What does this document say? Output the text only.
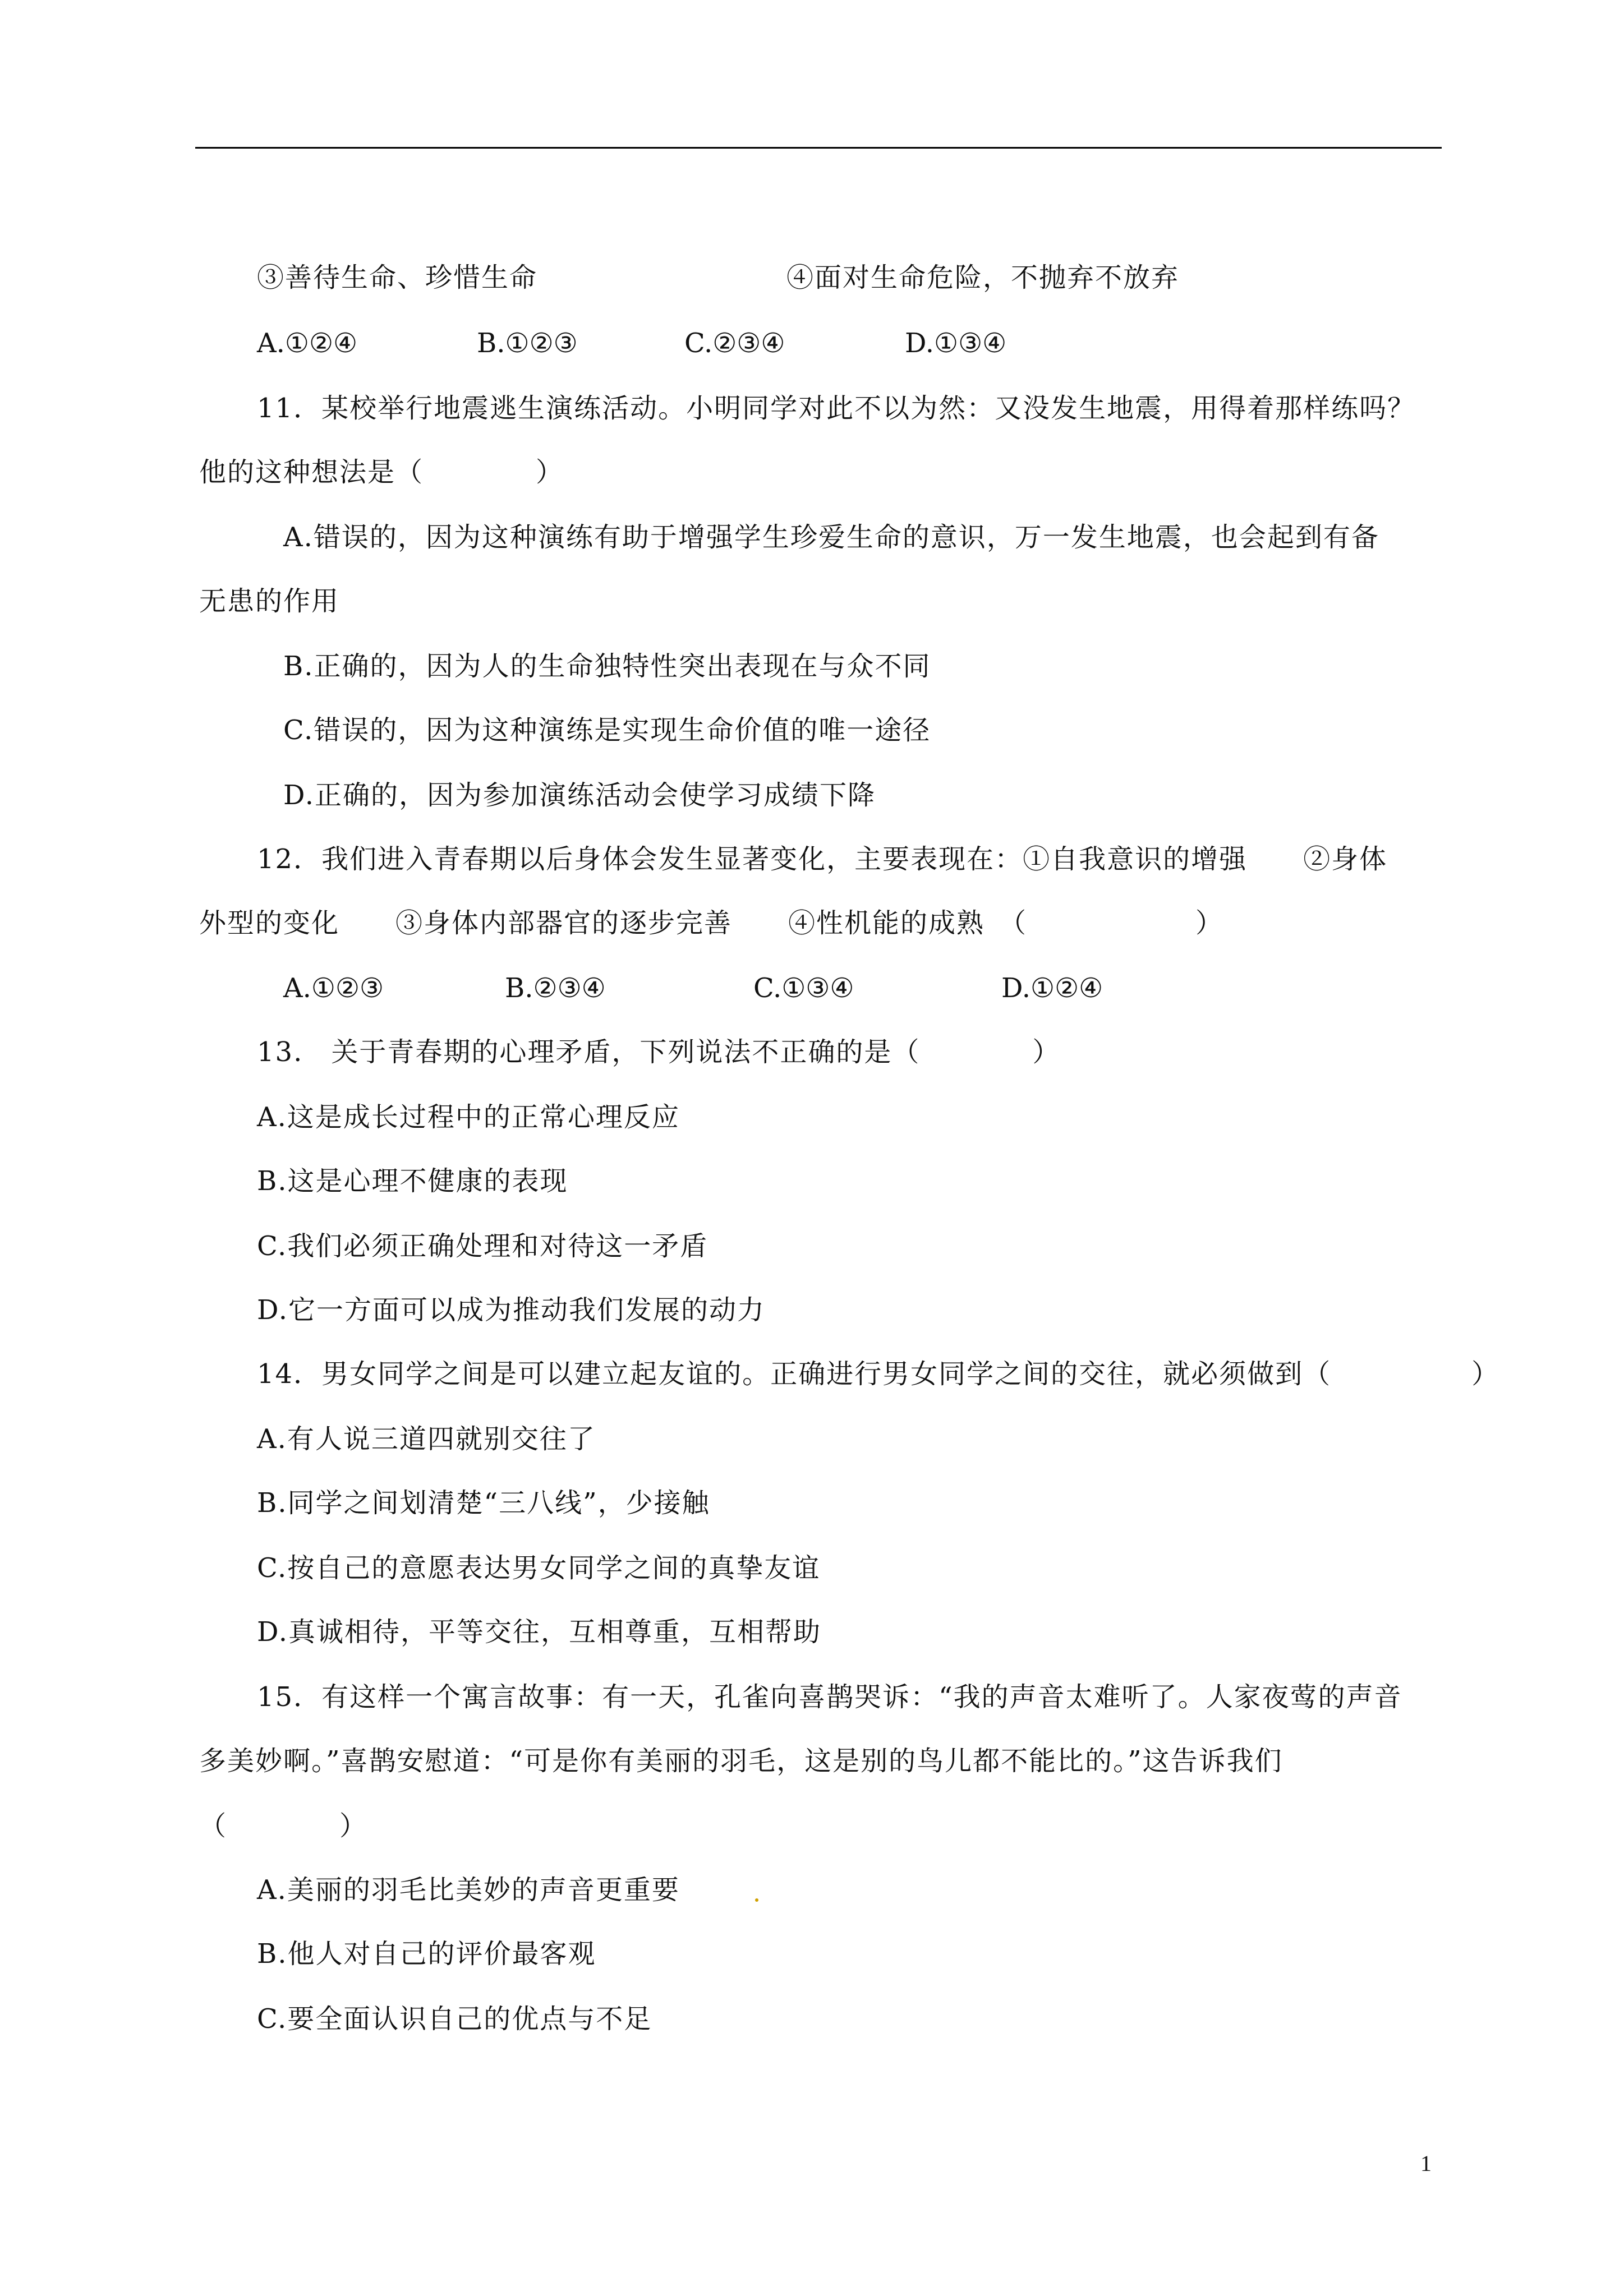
③善待生命、珍惜生命	④面对生命危险，不抛弃不放弃
A.①②④	B.①②③	C.②③④	D.①③④
11．某校举行地震逃生演练活动。小明同学对此不以为然：又没发生地震，用得着那样练吗？
他的这种想法是（　　　　）
A.错误的，因为这种演练有助于增强学生珍爱生命的意识，万一发生地震，也会起到有备
无患的作用
B.正确的，因为人的生命独特性突出表现在与众不同
C.错误的，因为这种演练是实现生命价值的唯一途径
D.正确的，因为参加演练活动会使学习成绩下降
12．我们进入青春期以后身体会发生显著变化，主要表现在：①自我意识的增强　　②身体
外型的变化　　③身体内部器官的逐步完善　　④性机能的成熟　（　　　　　　）
A.①②③	B.②③④	C.①③④	D.①②④
13.　关于青春期的心理矛盾，下列说法不正确的是（　　　　）
A.这是成长过程中的正常心理反应
B.这是心理不健康的表现
C.我们必须正确处理和对待这一矛盾
D.它一方面可以成为推动我们发展的动力
14．男女同学之间是可以建立起友谊的。正确进行男女同学之间的交往，就必须做到（　　　　　）
A.有人说三道四就别交往了
B.同学之间划清楚“三八线”，少接触
C.按自己的意愿表达男女同学之间的真挚友谊
D.真诚相待，平等交往，互相尊重，互相帮助
15．有这样一个寓言故事：有一天，孔雀向喜鹊哭诉：“我的声音太难听了。人家夜莺的声音
多美妙啊。”喜鹊安慰道：“可是你有美丽的羽毛，这是别的鸟儿都不能比的。”这告诉我们
（　　　　）
A.美丽的羽毛比美妙的声音更重要
B.他人对自己的评价最客观
C.要全面认识自己的优点与不足
1
